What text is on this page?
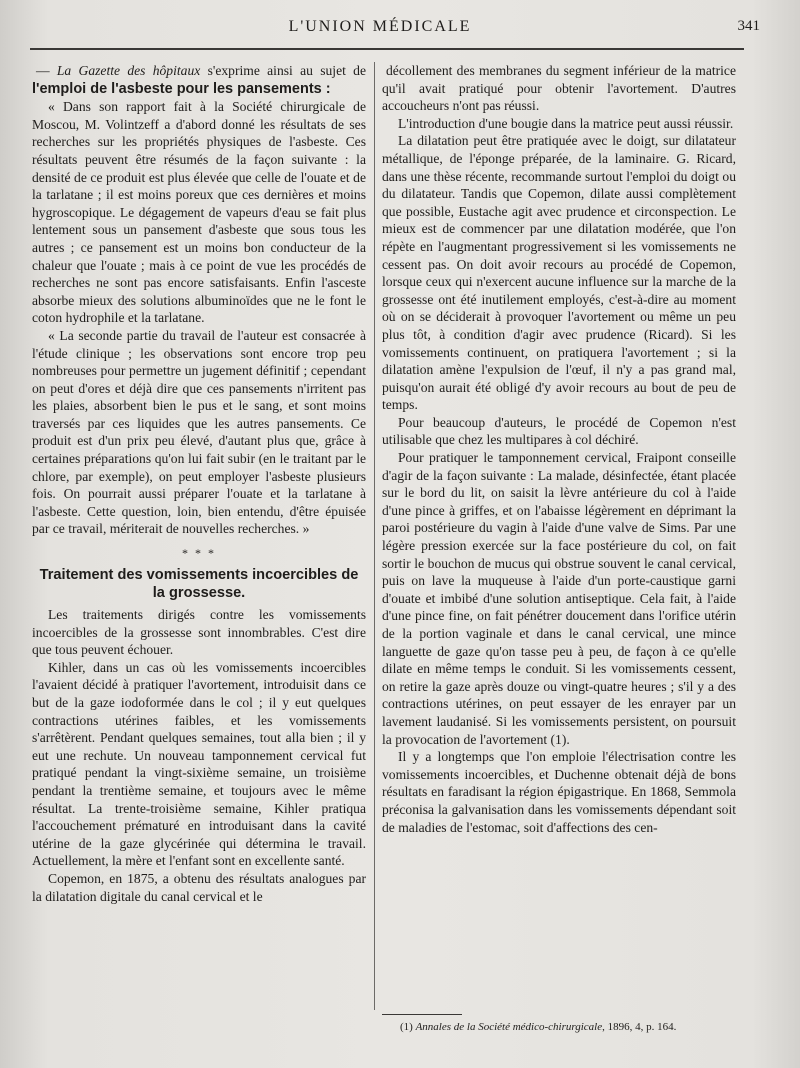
L'UNION MÉDICALE	341

— La Gazette des hôpitaux s'exprime ainsi au sujet de l'emploi de l'asbeste pour les pansements :

« Dans son rapport fait à la Société chirurgicale de Moscou, M. Volintzeff a d'abord donné les résultats de ses recherches sur les propriétés physiques de l'asbeste. Ces résultats peuvent être résumés de la façon suivante : la densité de ce produit est plus élevée que celle de l'ouate et de la tarlatane ; il est moins poreux que ces dernières et moins hygroscopique. Le dégagement de vapeurs d'eau se fait plus lentement sous un pansement d'asbeste que sous tous les autres ; ce pansement est un moins bon conducteur de la chaleur que l'ouate ; mais à ce point de vue les procédés de recherches ne sont pas encore satisfaisants. Enfin l'asceste absorbe mieux des solutions albuminoïdes que ne le font le coton hydrophile et la tarlatane.

« La seconde partie du travail de l'auteur est consacrée à l'étude clinique ; les observations sont encore trop peu nombreuses pour permettre un jugement définitif ; cependant on peut d'ores et déjà dire que ces pansements n'irritent pas les plaies, absorbent bien le pus et le sang, et sont moins traversés par ces liquides que les autres pansements. Ce produit est d'un prix peu élevé, d'autant plus que, grâce à certaines préparations qu'on lui fait subir (en le traitant par le chlore, par exemple), on peut employer l'asbeste plusieurs fois. On pourrait aussi préparer l'ouate et la tarlatane à l'asbeste. Cette question, loin, bien entendu, d'être épuisée par ce travail, mériterait de nouvelles recherches. »

* * *
Traitement des vomissements incoercibles de la grossesse.

Les traitements dirigés contre les vomissements incoercibles de la grossesse sont innombrables. C'est dire que tous peuvent échouer.

Kihler, dans un cas où les vomissements incoercibles l'avaient décidé à pratiquer l'avortement, introduisit dans ce but de la gaze iodoformée dans le col ; il y eut quelques contractions utérines faibles, et les vomissements s'arrêtèrent. Pendant quelques semaines, tout alla bien ; il y eut une rechute. Un nouveau tamponnement cervical fut pratiqué pendant la vingt-sixième semaine, un troisième pendant la trentième semaine, et toujours avec le même résultat. La trente-troisième semaine, Kihler pratiqua l'accouchement prématuré en introduisant dans la cavité utérine de la gaze glycérinée qui détermina le travail. Actuellement, la mère et l'enfant sont en excellente santé.

Copemon, en 1875, a obtenu des résultats analogues par la dilatation digitale du canal cervical et le

décollement des membranes du segment inférieur de la matrice qu'il avait pratiqué pour obtenir l'avortement. D'autres accoucheurs n'ont pas réussi.

L'introduction d'une bougie dans la matrice peut aussi réussir.

La dilatation peut être pratiquée avec le doigt, sur dilatateur métallique, de l'éponge préparée, de la laminaire. G. Ricard, dans une thèse récente, recommande surtout l'emploi du doigt ou du dilatateur. Tandis que Copemon, dilate aussi complètement que possible, Eustache agit avec prudence et circonspection. Le mieux est de commencer par une dilatation modérée, que l'on répète en l'augmentant progressivement si les vomissements ne cessent pas. On doit avoir recours au procédé de Copemon, lorsque ceux qui n'exercent aucune influence sur la marche de la grossesse ont été inutilement employés, c'est-à-dire au moment où on se déciderait à provoquer l'avortement ou même un peu plus tôt, à condition d'agir avec prudence (Ricard). Si les vomissements continuent, on pratiquera l'avortement ; si la dilatation amène l'expulsion de l'œuf, il n'y a pas grand mal, puisqu'on aurait été obligé d'y avoir recours au bout de peu de temps.

Pour beaucoup d'auteurs, le procédé de Copemon n'est utilisable que chez les multipares à col déchiré.

Pour pratiquer le tamponnement cervical, Fraipont conseille d'agir de la façon suivante : La malade, désinfectée, étant placée sur le bord du lit, on saisit la lèvre antérieure du col à l'aide d'une pince à griffes, et on l'abaisse légèrement en déprimant la paroi postérieure du vagin à l'aide d'une valve de Sims. Par une légère pression exercée sur la face postérieure du col, on fait sortir le bouchon de mucus qui obstrue souvent le canal cervical, puis on lave la muqueuse à l'aide d'un porte-caustique garni d'ouate et imbibé d'une solution antiseptique. Cela fait, à l'aide d'une pince fine, on fait pénétrer doucement dans l'orifice utérin de la portion vaginale et dans le canal cervical, une mince languette de gaze qu'on tasse peu à peu, de façon à ce qu'elle dilate en même temps le conduit. Si les vomissements cessent, on retire la gaze après douze ou vingt-quatre heures ; s'il y a des contractions utérines, on peut essayer de les enrayer par un lavement laudanisé. Si les vomissements persistent, on poursuit la provocation de l'avortement (1).

Il y a longtemps que l'on emploie l'électrisation contre les vomissements incoercibles, et Duchenne obtenait déjà de bons résultats en faradisant la région épigastrique. En 1868, Semmola préconisa la galvanisation dans les vomissements dépendant soit de maladies de l'estomac, soit d'affections des cen-

(1) Annales de la Société médico-chirurgicale, 1896, 4, p. 164.
